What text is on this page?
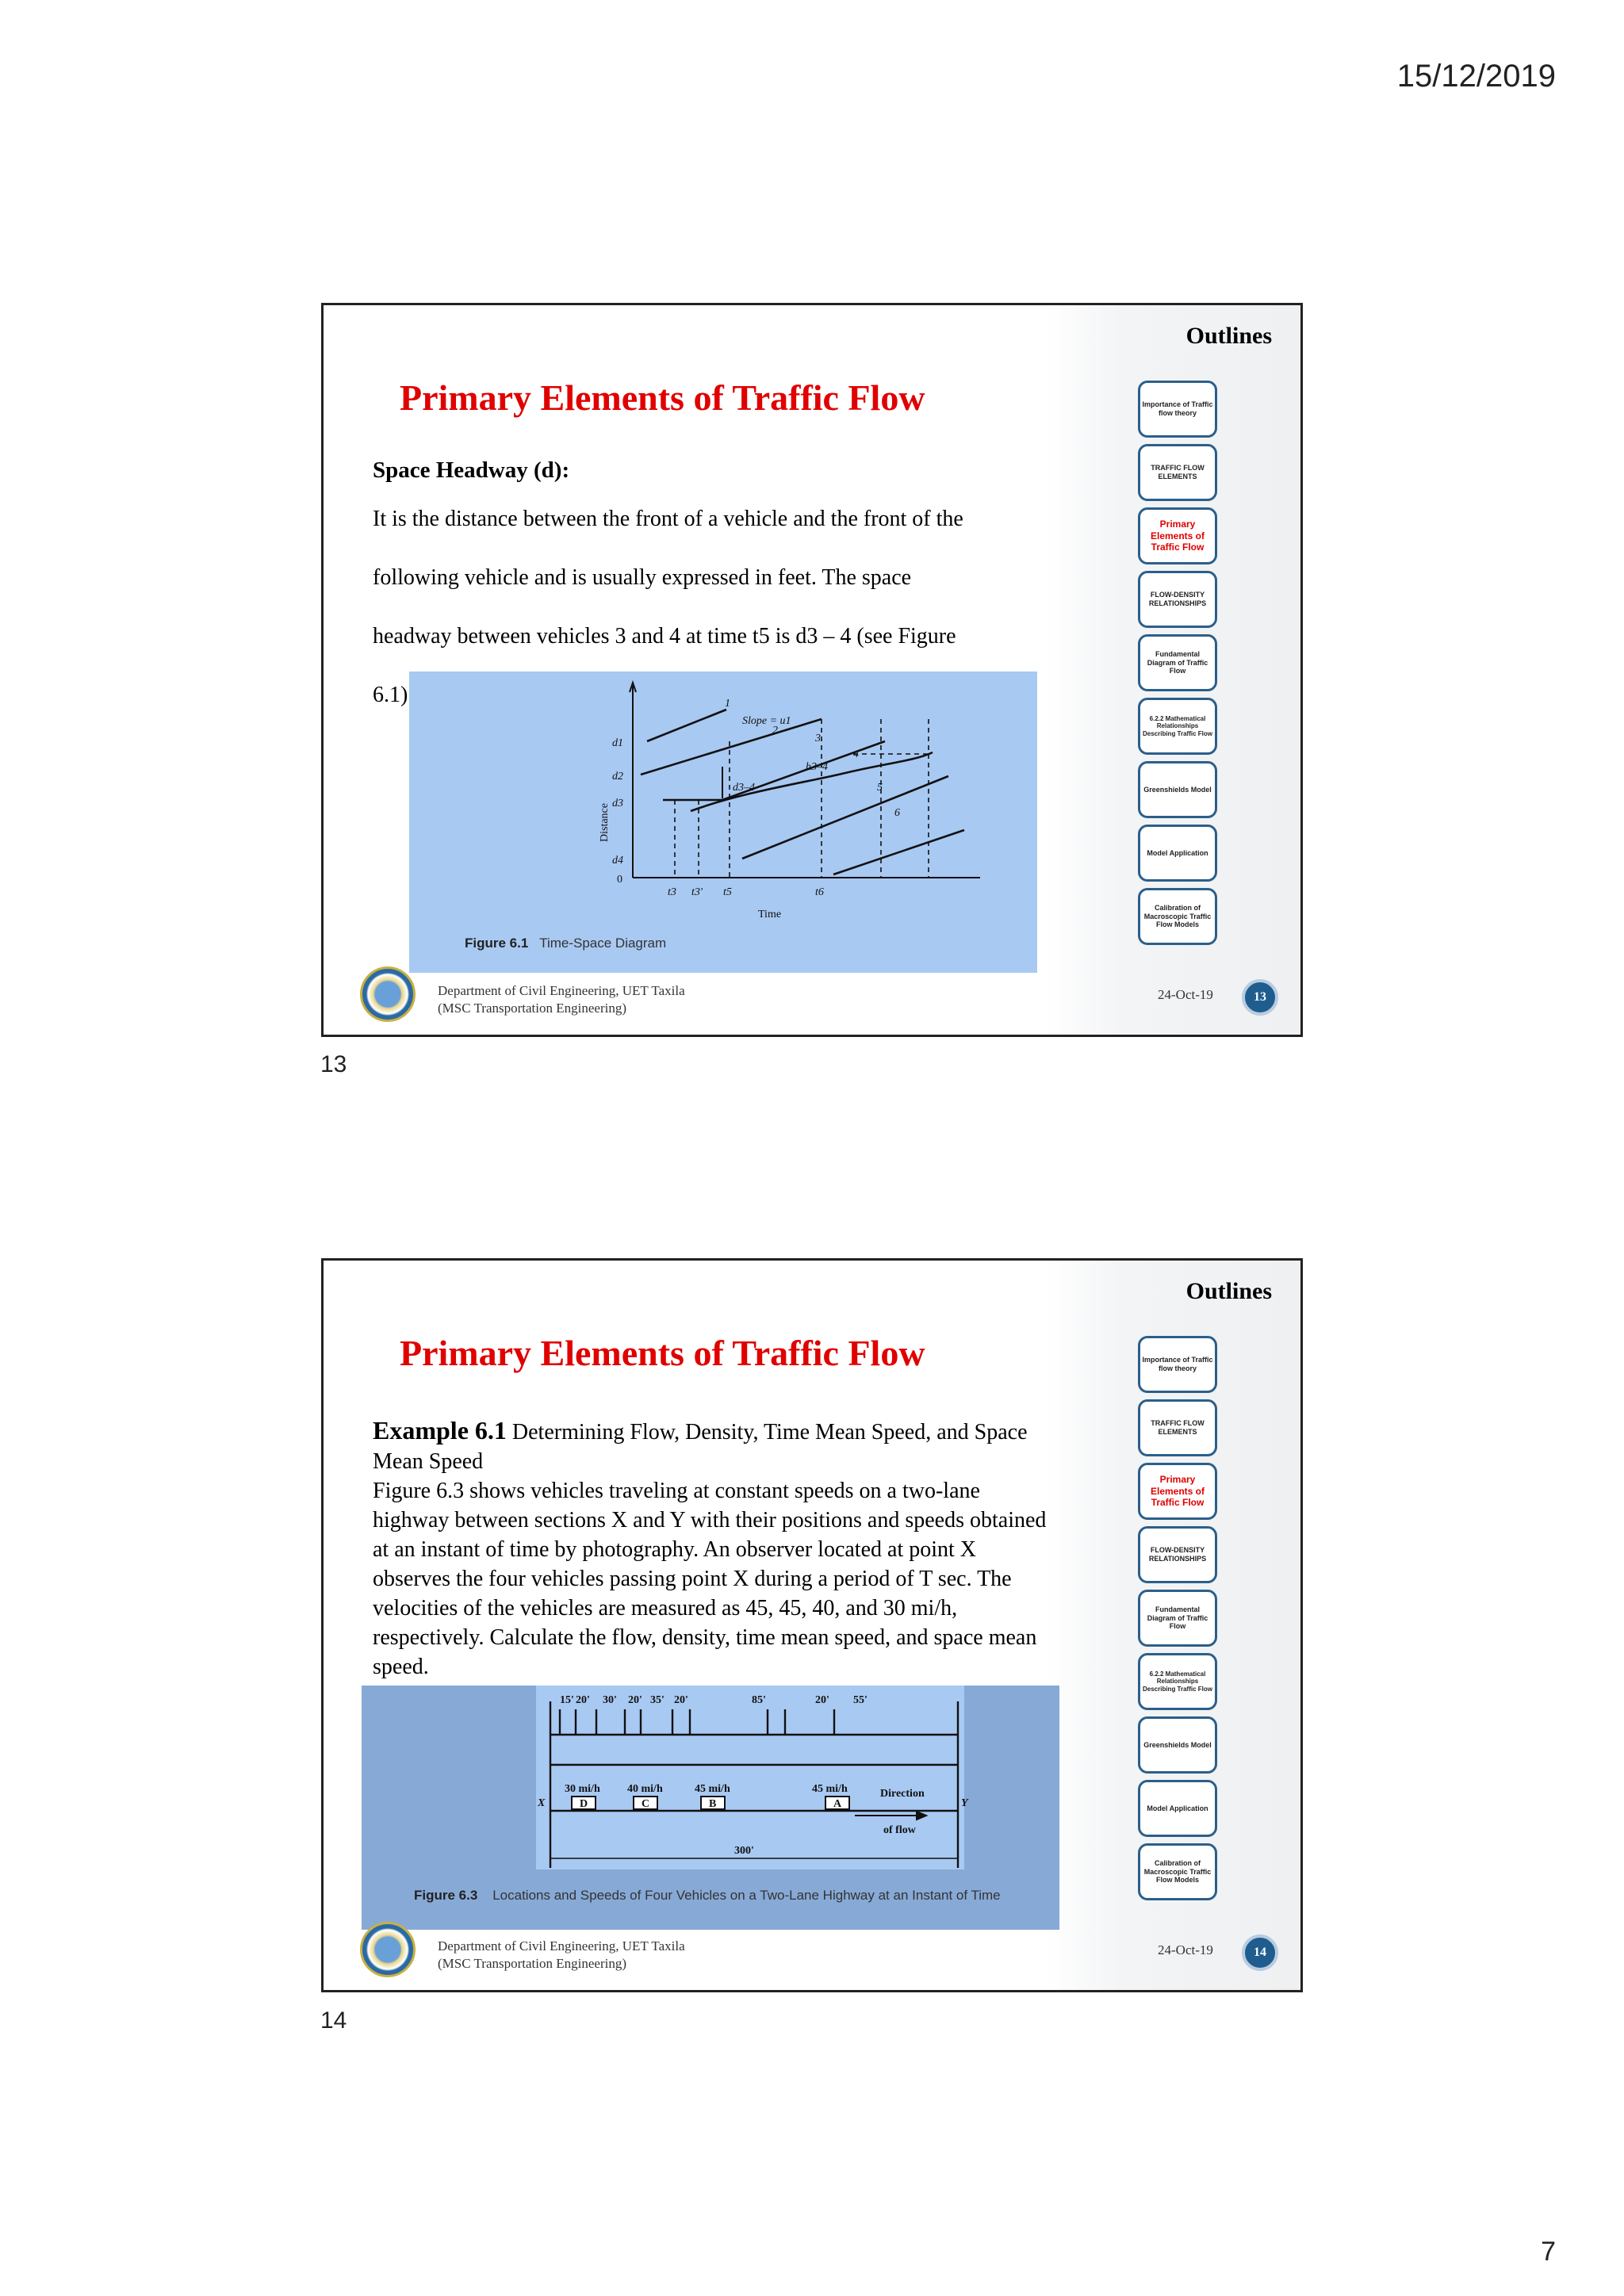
15/12/2019
Outlines
Importance of Traffic flow theory
TRAFFIC FLOW ELEMENTS
Primary Elements of Traffic Flow
FLOW-DENSITY RELATIONSHIPS
Fundamental Diagram of Traffic Flow
6.2.2 Mathematical Relationships Describing Traffic Flow
Greenshields Model
Model Application
Calibration of Macroscopic Traffic Flow Models
Primary Elements of Traffic Flow
Space Headway (d):
It is the distance between the front of a vehicle and the front of the
following vehicle and is usually expressed in feet. The space
headway between vehicles 3 and 4 at time t5 is d3 – 4 (see Figure
6.1)	1
Slope = u1
2
3
4
h3–4
5
6
d3–4
d1
d2
d3
d4
0
t3 t3' t5	t6
Time
Distance
Figure 6.1 Time-Space Diagram
Department of Civil Engineering, UET Taxila
(MSC Transportation Engineering)
24-Oct-19	13
13
Outlines
Importance of Traffic flow theory
TRAFFIC FLOW ELEMENTS
Primary Elements of Traffic Flow
FLOW-DENSITY RELATIONSHIPS
Fundamental Diagram of Traffic Flow
6.2.2 Mathematical Relationships Describing Traffic Flow
Greenshields Model
Model Application
Calibration of Macroscopic Traffic Flow Models
Primary Elements of Traffic Flow
Example 6.1 Determining Flow, Density, Time Mean Speed, and Space Mean Speed
Figure 6.3 shows vehicles traveling at constant speeds on a two-lane highway between sections X and Y with their positions and speeds obtained at an instant of time by photography. An observer located at point X observes the four vehicles passing point X during a period of T sec. The velocities of the vehicles are measured as 45, 45, 40, and 30 mi/h, respectively. Calculate the flow, density, time mean speed, and space mean speed.
15' 20' 30' 20' 35' 20'	85'	20' 55'
30 mi/h 40 mi/h	45 mi/h	45 mi/h
D	C	B	A
X	Y
Direction
of flow
300'
Figure 6.3 Locations and Speeds of Four Vehicles on a Two-Lane Highway at an Instant of Time
Department of Civil Engineering, UET Taxila
(MSC Transportation Engineering)
24-Oct-19	14
14
7
